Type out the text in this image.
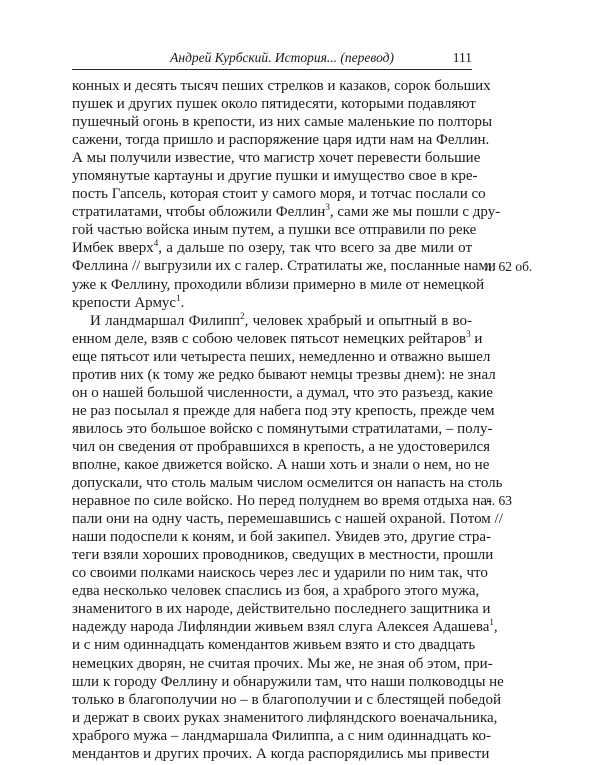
Андрей Курбский. История... (перевод)	111
конных и десять тысяч пеших стрелков и казаков, сорок больших
пушек и других пушек около пятидесяти, которыми подавляют
пушечный огонь в крепости, из них самые маленькие по полторы
сажени, тогда пришло и распоряжение царя идти нам на Феллин.
А мы получили известие, что магистр хочет перевести большие
упомянутые картауны и другие пушки и имущество свое в кре-
пость Гапсель, которая стоит у самого моря, и тотчас послали со
стратилатами, чтобы обложили Феллин$^3$, сами же мы пошли с дру-
гой частью войска иным путем, а пушки все отправили по реке
Имбек вверх$^4$, а дальше по озеру, так что всего за две мили от
Феллина // выгрузили их с галер. Стратилаты же, посланные нами
уже к Феллину, проходили вблизи примерно в миле от немецкой
крепости Армус$^1$.
И ландмаршал Филипп$^2$, человек храбрый и опытный в во-
енном деле, взяв с собою человек пятьсот немецких рейтаров$^3$ и
еще пятьсот или четыреста пеших, немедленно и отважно вышел
против них (к тому же редко бывают немцы трезвы днем): не знал
он о нашей большой численности, а думал, что это разъезд, какие
не раз посылал я прежде для набега под эту крепость, прежде чем
явилось это большое войско с помянутыми стратилатами, – полу-
чил он сведения от пробравшихся в крепость, а не удостоверился
вполне, какое движется войско. А наши хоть и знали о нем, но не
допускали, что столь малым числом осмелится он напасть на столь
неравное по силе войско. Но перед полуднем во время отдыха на-
пали они на одну часть, перемешавшись с нашей охраной. Потом //
наши подоспели к коням, и бой закипел. Увидев это, другие стра-
теги взяли хороших проводников, сведущих в местности, прошли
со своими полками наискось через лес и ударили по ним так, что
едва несколько человек спаслись из боя, а храброго этого мужа,
знаменитого в их народе, действительно последнего защитника и
надежду народа Лифляндии живьем взял слуга Алексея Адашева$^1$,
и с ним одиннадцать комендантов живьем взято и сто двадцать
немецких дворян, не считая прочих. Мы же, не зная об этом, при-
шли к городу Феллину и обнаружили там, что наши полководцы не
только в благополучии но – в благополучии и с блестящей победой
и держат в своих руках знаменитого лифляндского военачальника,
храброго мужа – ландмаршала Филиппа, а с ним одиннадцать ко-
мендантов и других прочих. А когда распорядились мы привести
л. 62 об.
л. 63
